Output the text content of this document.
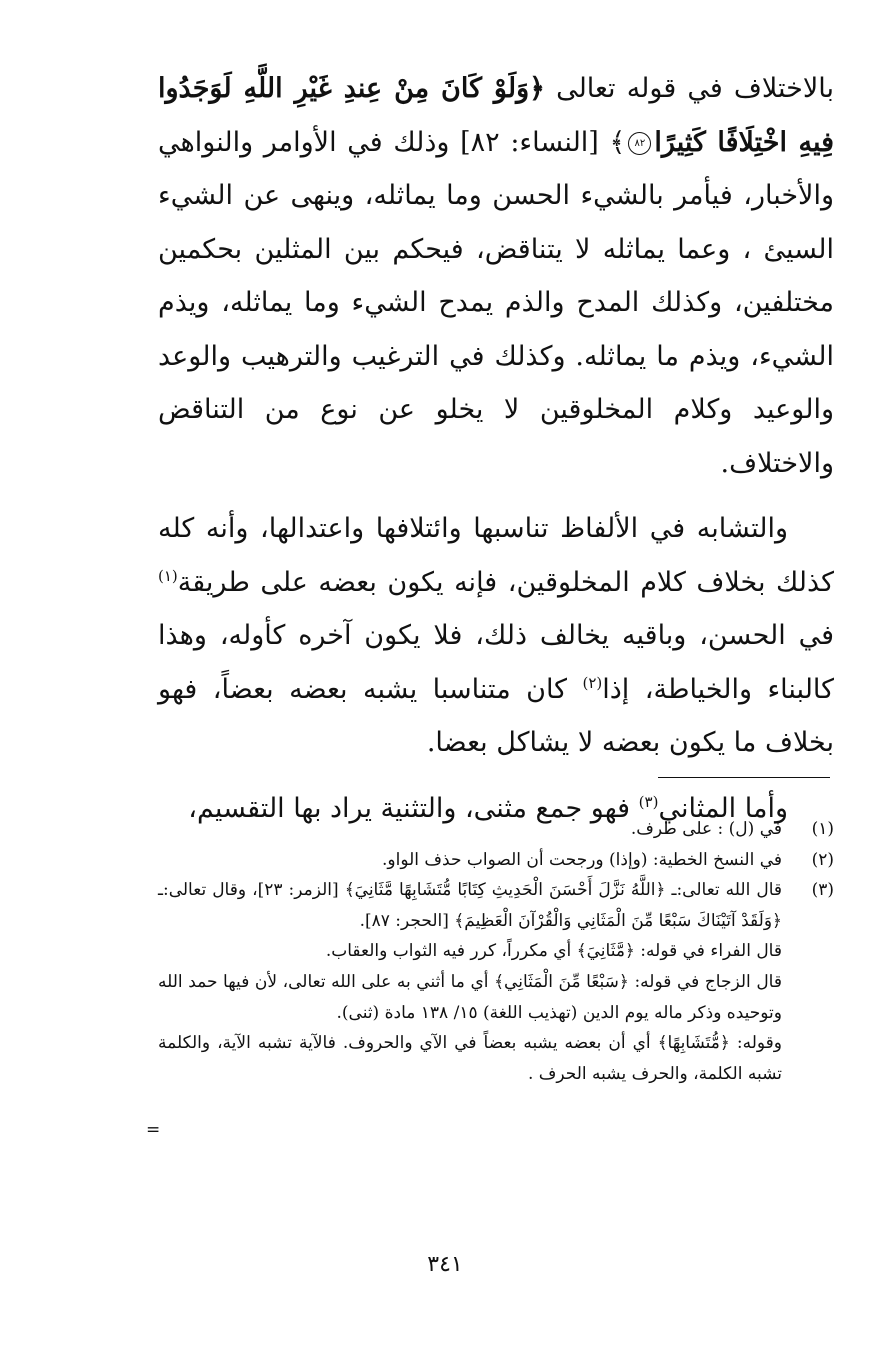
بالاختلاف في قوله تعالى ﴿وَلَوْ كَانَ مِنْ عِندِ غَيْرِ اللَّهِ لَوَجَدُوا فِيهِ اخْتِلَافًا كَثِيرًا٨٢﴾ [النساء: ٨٢] وذلك في الأوامر والنواهي والأخبار، فيأمر بالشيء الحسن وما يماثله، وينهى عن الشيء السيئ ، وعما يماثله لا يتناقض، فيحكم بين المثلين بحكمين مختلفين، وكذلك المدح والذم يمدح الشيء وما يماثله، ويذم الشيء، ويذم ما يماثله. وكذلك في الترغيب والترهيب والوعد والوعيد وكلام المخلوقين لا يخلو عن نوع من التناقض والاختلاف.

والتشابه في الألفاظ تناسبها وائتلافها واعتدالها، وأنه كله كذلك بخلاف كلام المخلوقين، فإنه يكون بعضه على طريقة$^{(١)}$ في الحسن، وباقيه يخالف ذلك، فلا يكون آخره كأوله، وهذا كالبناء والخياطة، إذا$^{(٢)}$ كان متناسبا يشبه بعضه بعضاً، فهو بخلاف ما يكون بعضه لا يشاكل بعضا.

وأما المثاني$^{(٣)}$ فهو جمع مثنى، والتثنية يراد بها التقسيم،

(١)

في (ل) : على طرف.

(٢)

في النسخ الخطية: (وإذا) ورجحت أن الصواب حذف الواو.

(٣)

قال الله تعالى:ـ ﴿اللَّهُ نَزَّلَ أَحْسَنَ الْحَدِيثِ كِتَابًا مُّتَشَابِهًا مَّثَانِيَ﴾ [الزمر: ٢٣]، وقال تعالى:ـ ﴿وَلَقَدْ آتَيْنَاكَ سَبْعًا مِّنَ الْمَثَانِي وَالْقُرْآنَ الْعَظِيمَ﴾ [الحجر: ٨٧].

قال الفراء في قوله: ﴿مَّثَانِيَ﴾ أي مكرراً، كرر فيه الثواب والعقاب.

قال الزجاج في قوله: ﴿سَبْعًا مِّنَ الْمَثَانِي﴾ أي ما أثني به على الله تعالى، لأن فيها حمد الله وتوحيده وذكر ماله يوم الدين (تهذيب اللغة) ١٥/ ١٣٨ مادة (ثنى).

وقوله: ﴿مُّتَشَابِهًا﴾ أي أن بعضه يشبه بعضاً في الآي والحروف. فالآية تشبه الآية، والكلمة تشبه الكلمة، والحرف يشبه الحرف .

=
٣٤١
